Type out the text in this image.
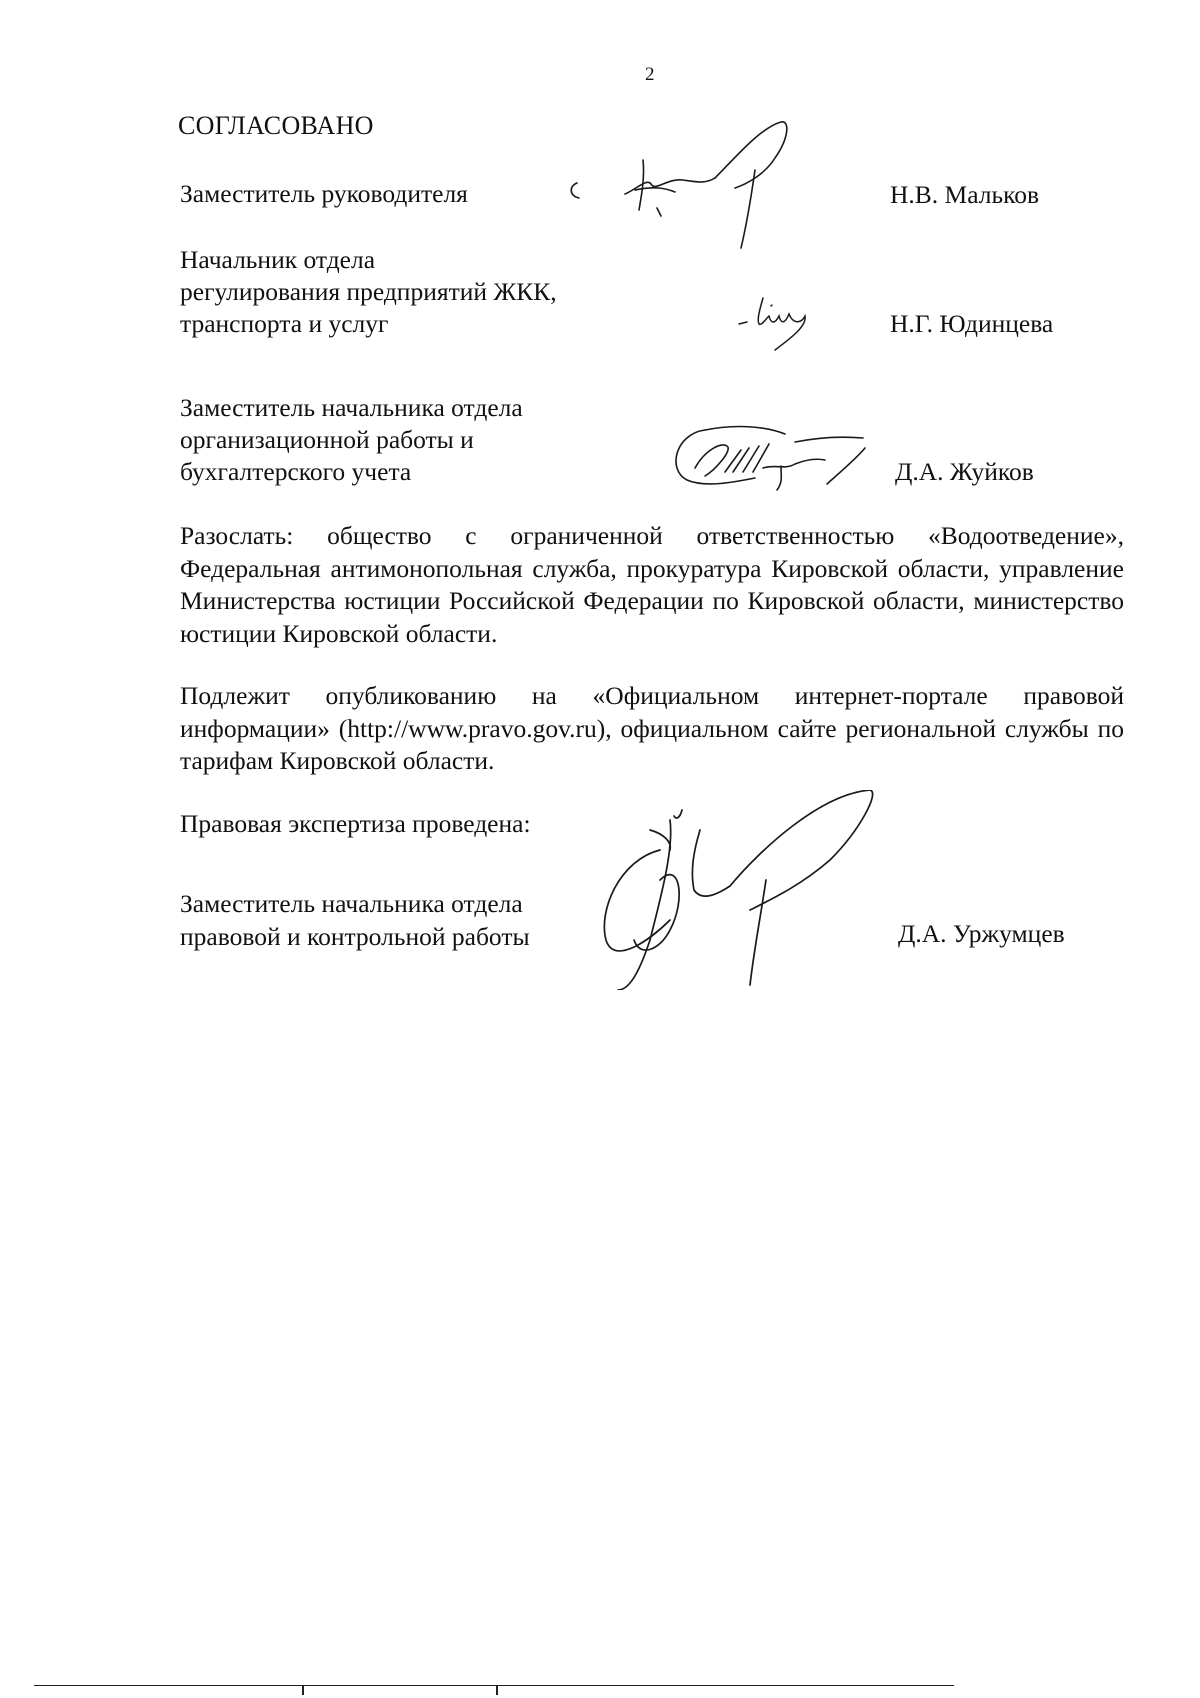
2
СОГЛАСОВАНО
Заместитель руководителя	Н.В. Мальков
Начальник отдела
регулирования предприятий ЖКК,
транспорта и услуг	Н.Г. Юдинцева
Заместитель начальника отдела
организационной работы и
бухгалтерского учета	Д.А. Жуйков
Разослать: общество с ограниченной ответственностью «Водоотведение», Федеральная антимонопольная служба, прокуратура Кировской области, управление Министерства юстиции Российской Федерации по Кировской области, министерство юстиции Кировской области.
Подлежит опубликованию на «Официальном интернет-портале правовой информации» (http://www.pravo.gov.ru), официальном сайте региональной службы по тарифам Кировской области.
Правовая экспертиза проведена:
Заместитель начальника отдела
правовой и контрольной работы	Д.А. Уржумцев
